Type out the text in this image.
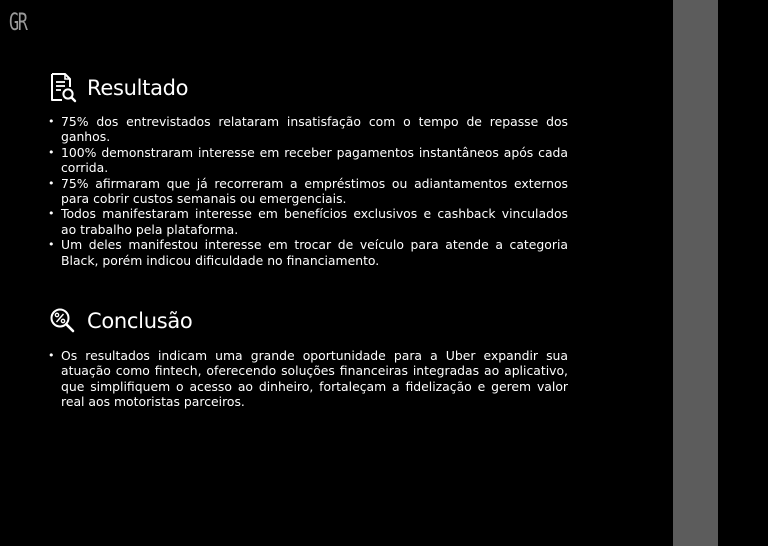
GR
Resultado
• 75% dos entrevistados relataram insatisfação com o tempo de repasse dos ganhos.
• 100% demonstraram interesse em receber pagamentos instantâneos após cada corrida.
• 75% afirmaram que já recorreram a empréstimos ou adiantamentos externos para cobrir custos semanais ou emergenciais.
• Todos manifestaram interesse em benefícios exclusivos e cashback vinculados ao trabalho pela plataforma.
• Um deles manifestou interesse em trocar de veículo para atende a categoria Black, porém indicou dificuldade no financiamento.
Conclusão
• Os resultados indicam uma grande oportunidade para a Uber expandir sua atuação como fintech, oferecendo soluções financeiras integradas ao aplicativo, que simplifiquem o acesso ao dinheiro, fortaleçam a fidelização e gerem valor real aos motoristas parceiros.
